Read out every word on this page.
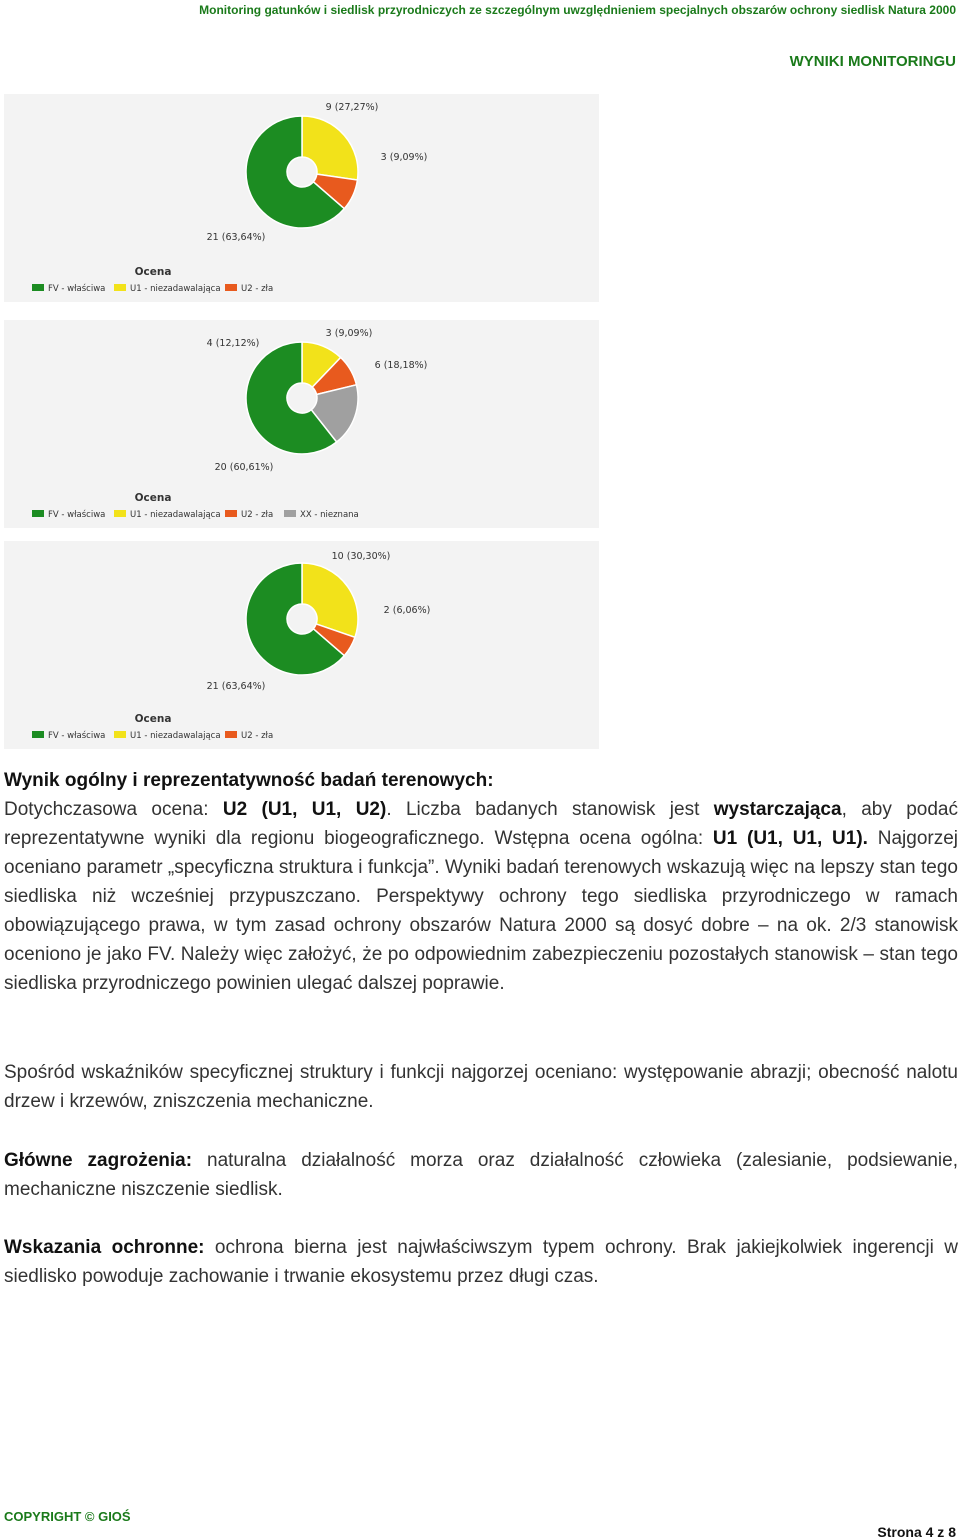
Monitoring gatunków i siedlisk przyrodniczych ze szczególnym uwzględnieniem specjalnych obszarów ochrony siedlisk Natura 2000
WYNIKI MONITORINGU
21 (63,64%)
9 (27,27%)
3 (9,09%)
Ocena
FV - właściwa	U1 - niezadawalająca U2 - zła
20 (60,61%)
4 (12,12%)
3 (9,09%)
6 (18,18%)
Ocena
FV - właściwa	U1 - niezadawalająca U2 - zła	XX - nieznana
21 (63,64%)
10 (30,30%)
2 (6,06%)
Ocena
FV - właściwa	U1 - niezadawalająca U2 - zła
Wynik ogólny i reprezentatywność badań terenowych:
Dotychczasowa ocena: U2 (U1, U1, U2). Liczba badanych stanowisk jest wystarczająca, aby podać reprezentatywne wyniki dla regionu biogeograficznego. Wstępna ocena ogólna: U1 (U1, U1, U1). Najgorzej oceniano parametr „specyficzna struktura i funkcja”. Wyniki badań terenowych wskazują więc na lepszy stan tego siedliska niż wcześniej przypuszczano. Perspektywy ochrony tego siedliska przyrodniczego w ramach obowiązującego prawa, w tym zasad ochrony obszarów Natura 2000 są dosyć dobre – na ok. 2/3 stanowisk oceniono je jako FV. Należy więc założyć, że po odpowiednim zabezpieczeniu pozostałych stanowisk – stan tego siedliska przyrodniczego powinien ulegać dalszej poprawie.
Spośród wskaźników specyficznej struktury i funkcji najgorzej oceniano: występowanie abrazji; obecność nalotu drzew i krzewów, zniszczenia mechaniczne.
Główne zagrożenia: naturalna działalność morza oraz działalność człowieka (zalesianie, podsiewanie, mechaniczne niszczenie siedlisk.
Wskazania ochronne: ochrona bierna jest najwłaściwszym typem ochrony. Brak jakiejkolwiek ingerencji w siedlisko powoduje zachowanie i trwanie ekosystemu przez długi czas.
COPYRIGHT © GIOŚ
Strona 4 z 8
